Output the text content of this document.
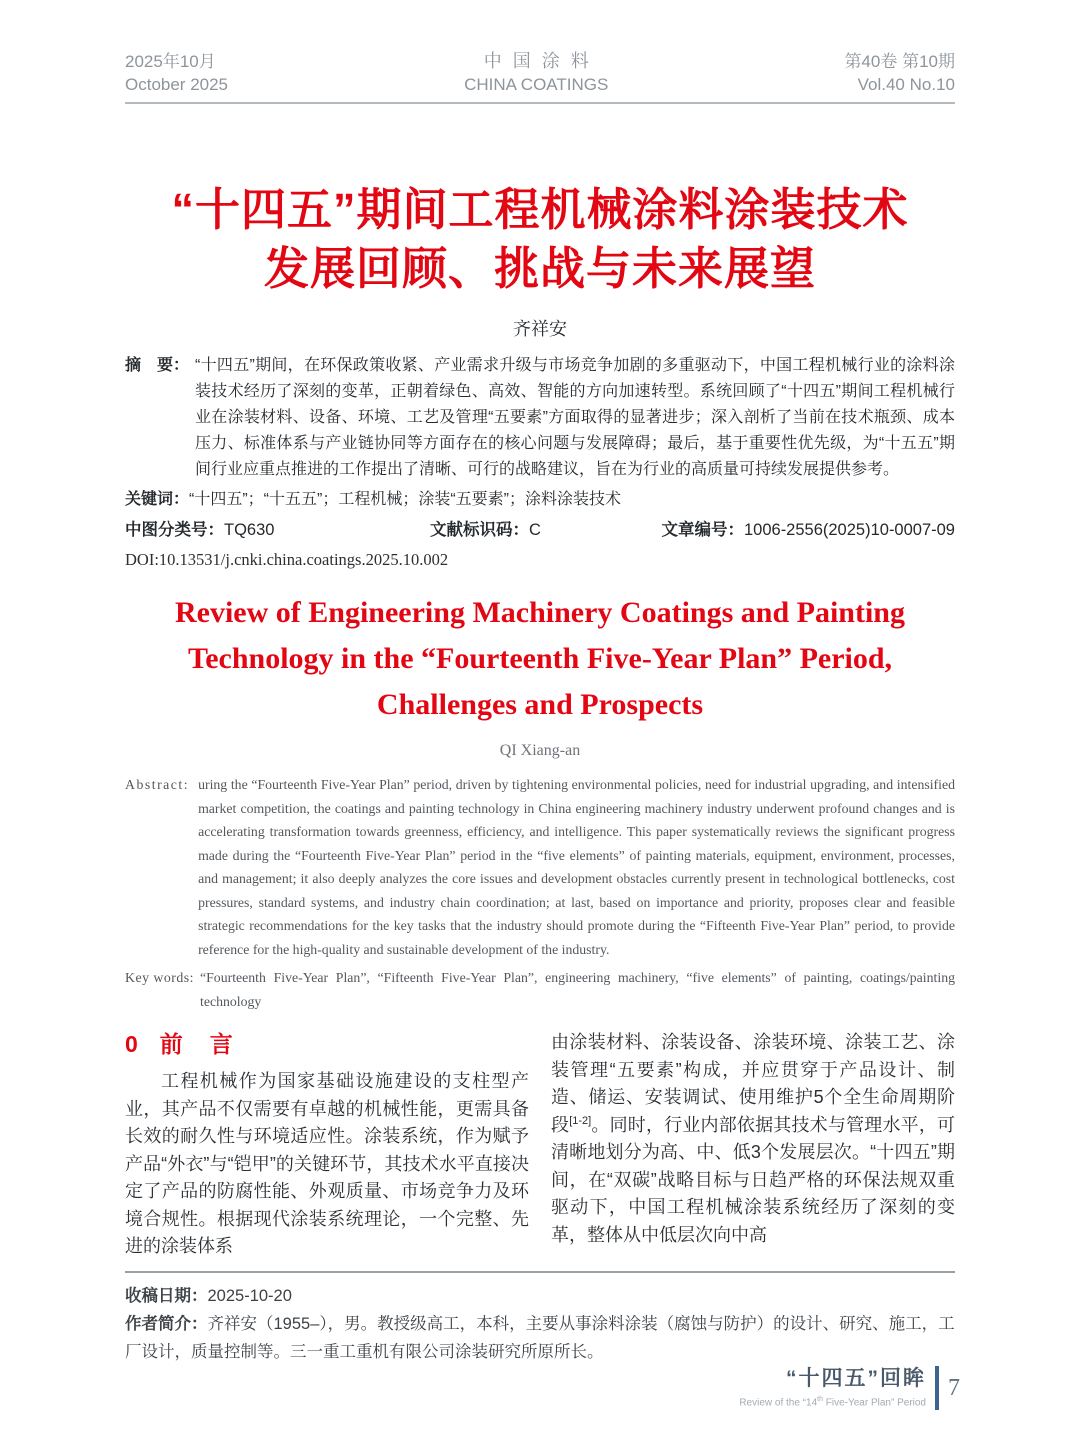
2025年10月
October 2025
中国涂料
CHINA COATINGS
第40卷 第10期
Vol.40 No.10
“十四五”期间工程机械涂料涂装技术
发展回顾、挑战与未来展望
齐祥安
摘　要： “十四五”期间，在环保政策收紧、产业需求升级与市场竞争加剧的多重驱动下，中国工程机械行业的涂料涂装技术经历了深刻的变革，正朝着绿色、高效、智能的方向加速转型。系统回顾了“十四五”期间工程机械行业在涂装材料、设备、环境、工艺及管理“五要素”方面取得的显著进步；深入剖析了当前在技术瓶颈、成本压力、标准体系与产业链协同等方面存在的核心问题与发展障碍；最后，基于重要性优先级，为“十五五”期间行业应重点推进的工作提出了清晰、可行的战略建议，旨在为行业的高质量可持续发展提供参考。
关键词：“十四五”；“十五五”；工程机械；涂装“五要素”；涂料涂装技术
中图分类号：TQ630	文献标识码：C	文章编号：1006-2556(2025)10-0007-09
DOI:10.13531/j.cnki.china.coatings.2025.10.002
Review of Engineering Machinery Coatings and Painting
Technology in the “Fourteenth Five-Year Plan” Period,
Challenges and Prospects
QI Xiang-an
Abstract: uring the “Fourteenth Five-Year Plan” period, driven by tightening environmental policies, need for industrial upgrading, and intensified market competition, the coatings and painting technology in China engineering machinery industry underwent profound changes and is accelerating transformation towards greenness, efficiency, and intelligence. This paper systematically reviews the significant progress made during the “Fourteenth Five-Year Plan” period in the “five elements” of painting materials, equipment, environment, processes, and management; it also deeply analyzes the core issues and development obstacles currently present in technological bottlenecks, cost pressures, standard systems, and industry chain coordination; at last, based on importance and priority, proposes clear and feasible strategic recommendations for the key tasks that the industry should promote during the “Fifteenth Five-Year Plan” period, to provide reference for the high-quality and sustainable development of the industry.
Key words: “Fourteenth Five-Year Plan”, “Fifteenth Five-Year Plan”, engineering machinery, “five elements” of painting, coatings/painting technology
0 前　言

工程机械作为国家基础设施建设的支柱型产业，其产品不仅需要有卓越的机械性能，更需具备长效的耐久性与环境适应性。涂装系统，作为赋予产品“外衣”与“铠甲”的关键环节，其技术水平直接决定了产品的防腐性能、外观质量、市场竞争力及环境合规性。根据现代涂装系统理论，一个完整、先进的涂装体系

由涂装材料、涂装设备、涂装环境、涂装工艺、涂装管理“五要素”构成，并应贯穿于产品设计、制造、储运、安装调试、使用维护5个全生命周期阶段[1-2]。同时，行业内部依据其技术与管理水平，可清晰地划分为高、中、低3个发展层次。“十四五”期间，在“双碳”战略目标与日趋严格的环保法规双重驱动下，中国工程机械涂装系统经历了深刻的变革，整体从中低层次向中高

收稿日期：2025-10-20
作者简介：齐祥安（1955–），男。教授级高工，本科，主要从事涂料涂装（腐蚀与防护）的设计、研究、施工，工厂设计，质量控制等。三一重工重机有限公司涂装研究所原所长。
“十四五”回眸
Review of the “14th Five-Year Plan” Period
7
